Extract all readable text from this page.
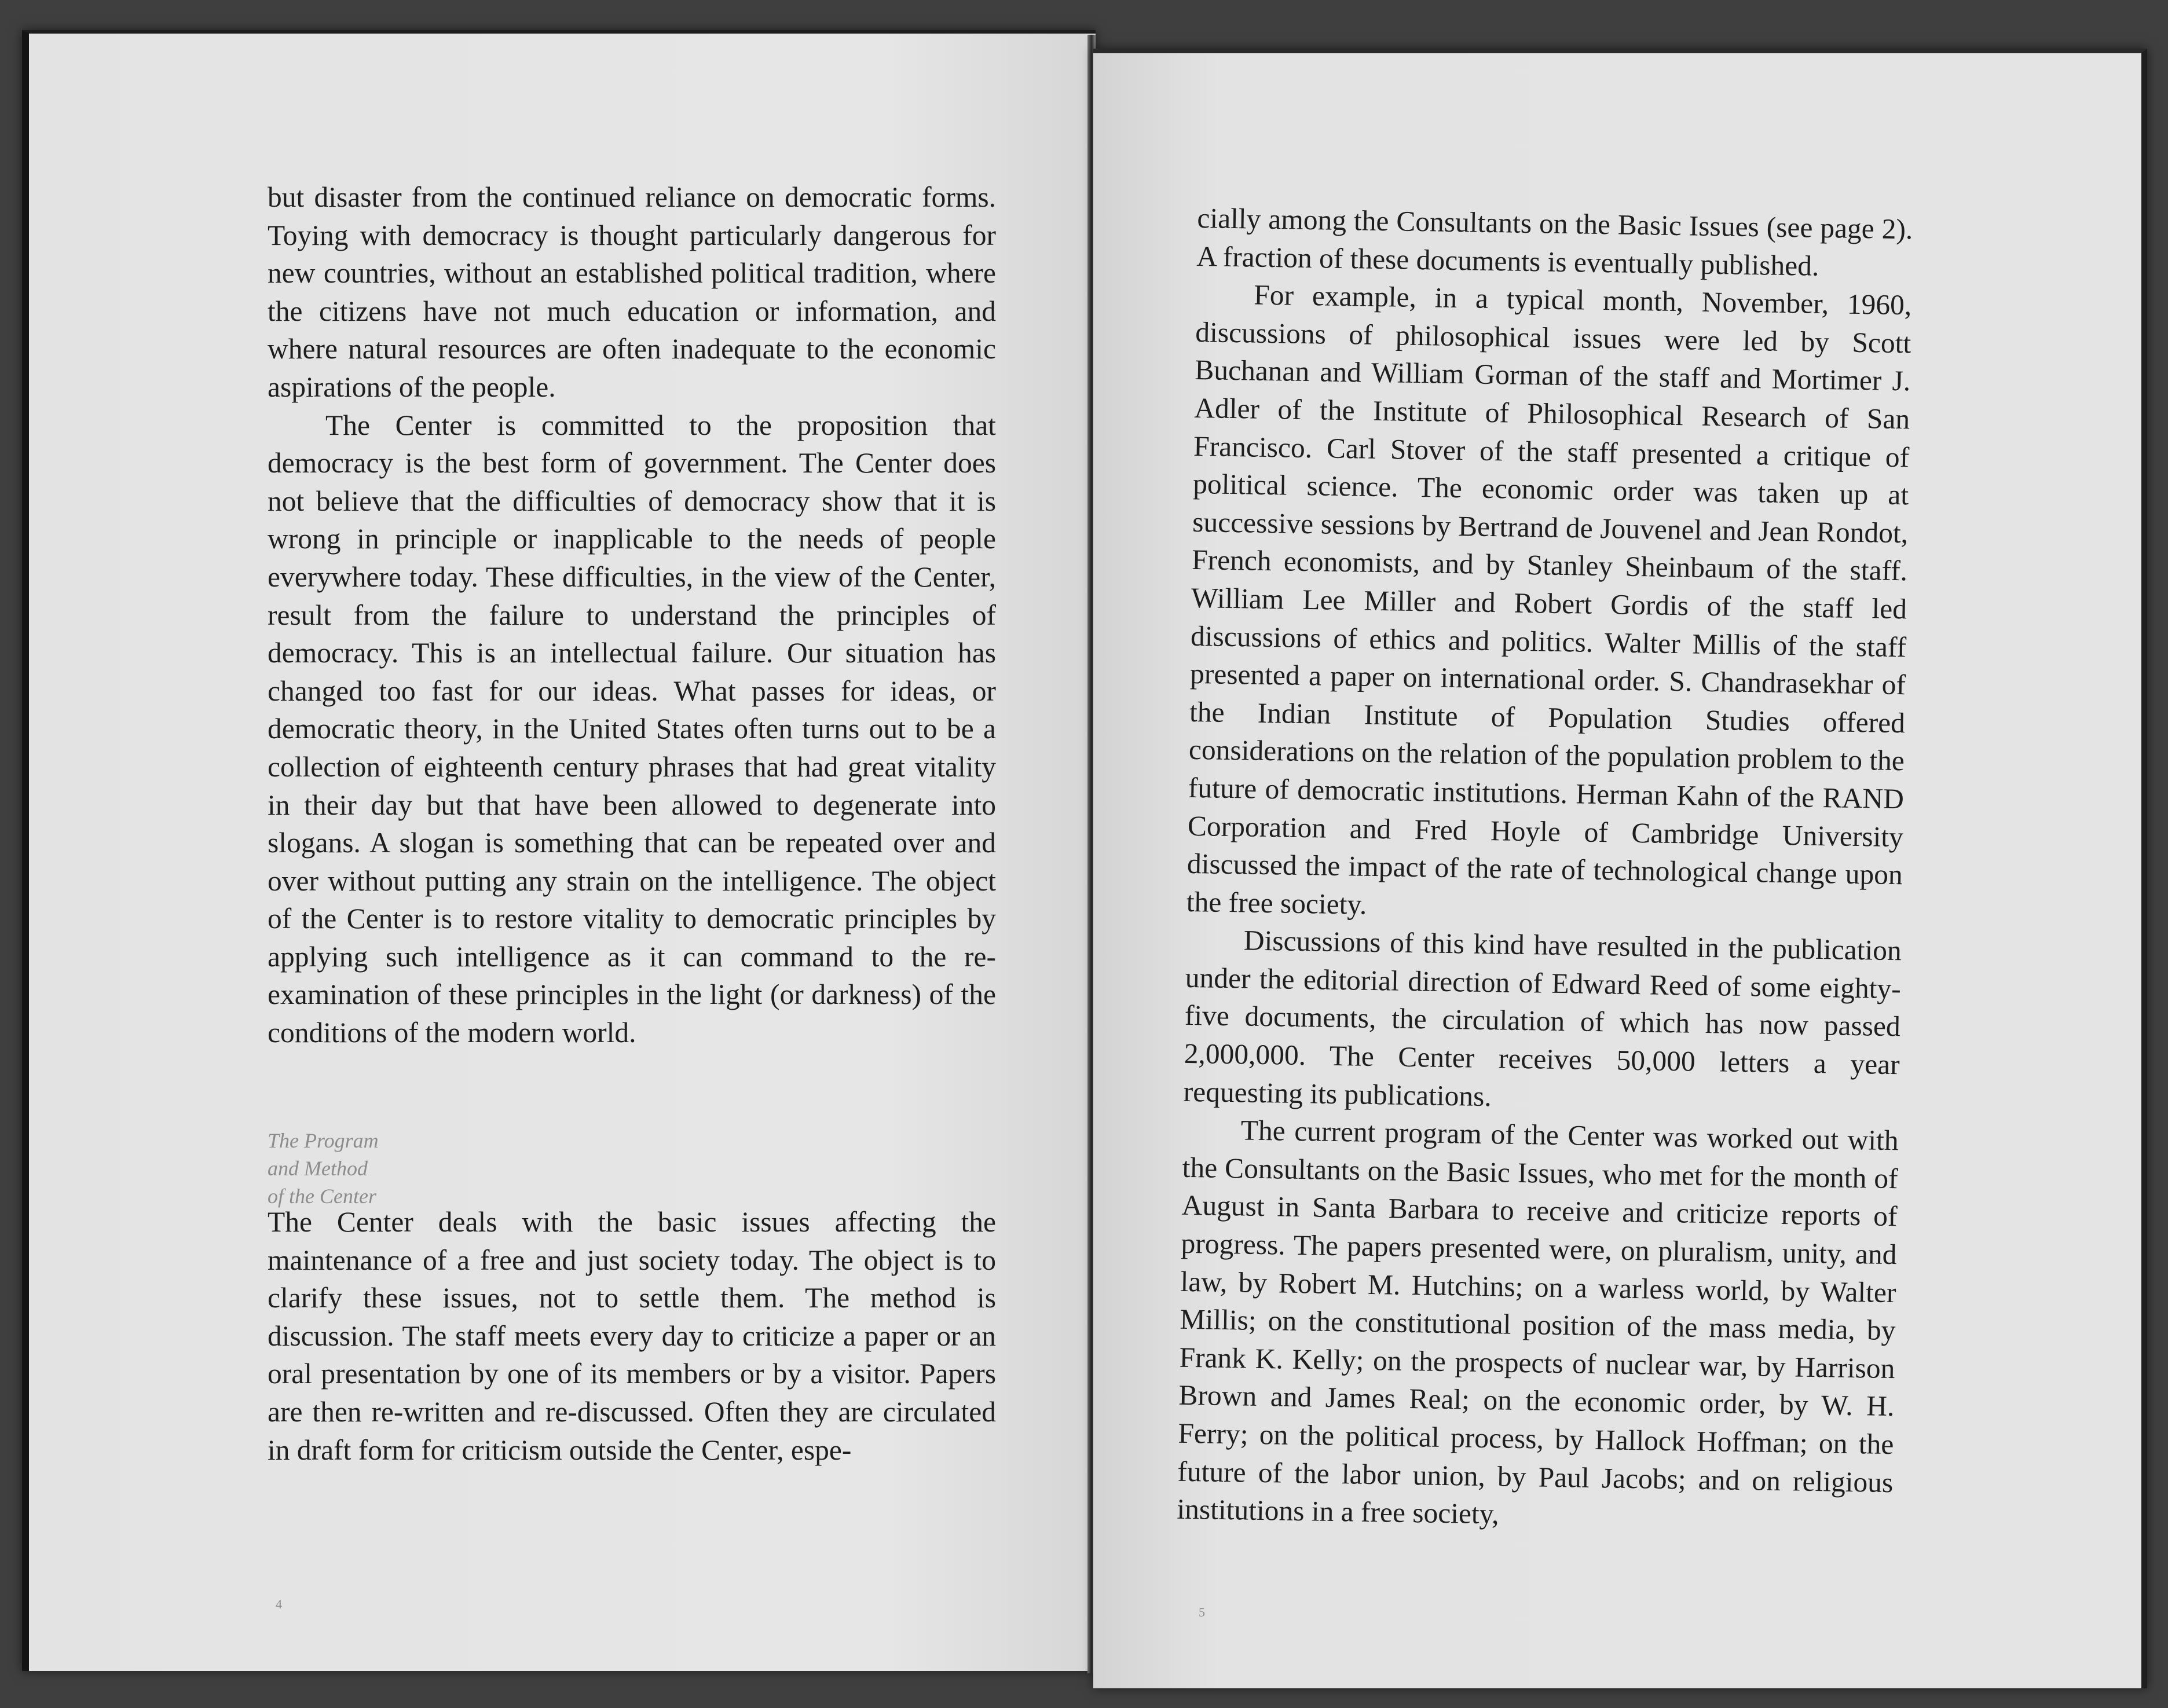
but disaster from the continued reliance on democratic forms. Toying with democracy is thought particularly dangerous for new countries, without an established political tradition, where the citizens have not much education or information, and where natural resources are often inadequate to the economic aspirations of the people.

The Center is committed to the proposition that democracy is the best form of government. The Center does not believe that the difficulties of democracy show that it is wrong in principle or inapplicable to the needs of people everywhere today. These difficulties, in the view of the Center, result from the failure to understand the principles of democracy. This is an intellectual failure. Our situation has changed too fast for our ideas. What passes for ideas, or democratic theory, in the United States often turns out to be a collection of eighteenth century phrases that had great vitality in their day but that have been allowed to degenerate into slogans. A slogan is something that can be repeated over and over without putting any strain on the intelligence. The object of the Center is to restore vitality to democratic principles by applying such intelligence as it can command to the re-examination of these principles in the light (or darkness) of the conditions of the modern world.

The Program
and Method
of the Center

The Center deals with the basic issues affecting the maintenance of a free and just society today. The object is to clarify these issues, not to settle them. The method is discussion. The staff meets every day to criticize a paper or an oral presentation by one of its members or by a visitor. Papers are then re-written and re-discussed. Often they are circulated in draft form for criticism outside the Center, espe-

4

cially among the Consultants on the Basic Issues (see page 2). A fraction of these documents is eventually published.

For example, in a typical month, November, 1960, discussions of philosophical issues were led by Scott Buchanan and William Gorman of the staff and Mortimer J. Adler of the Institute of Philosophical Research of San Francisco. Carl Stover of the staff presented a critique of political science. The economic order was taken up at successive sessions by Bertrand de Jouvenel and Jean Rondot, French economists, and by Stanley Sheinbaum of the staff. William Lee Miller and Robert Gordis of the staff led discussions of ethics and politics. Walter Millis of the staff presented a paper on international order. S. Chandrasekhar of the Indian Institute of Population Studies offered considerations on the relation of the population problem to the future of democratic institutions. Herman Kahn of the RAND Corporation and Fred Hoyle of Cambridge University discussed the impact of the rate of technological change upon the free society.

Discussions of this kind have resulted in the publication under the editorial direction of Edward Reed of some eighty-five documents, the circulation of which has now passed 2,000,000. The Center receives 50,000 letters a year requesting its publications.

The current program of the Center was worked out with the Consultants on the Basic Issues, who met for the month of August in Santa Barbara to receive and criticize reports of progress. The papers presented were, on pluralism, unity, and law, by Robert M. Hutchins; on a warless world, by Walter Millis; on the constitutional position of the mass media, by Frank K. Kelly; on the prospects of nuclear war, by Harrison Brown and James Real; on the economic order, by W. H. Ferry; on the political process, by Hallock Hoffman; on the future of the labor union, by Paul Jacobs; and on religious institutions in a free society,

5
